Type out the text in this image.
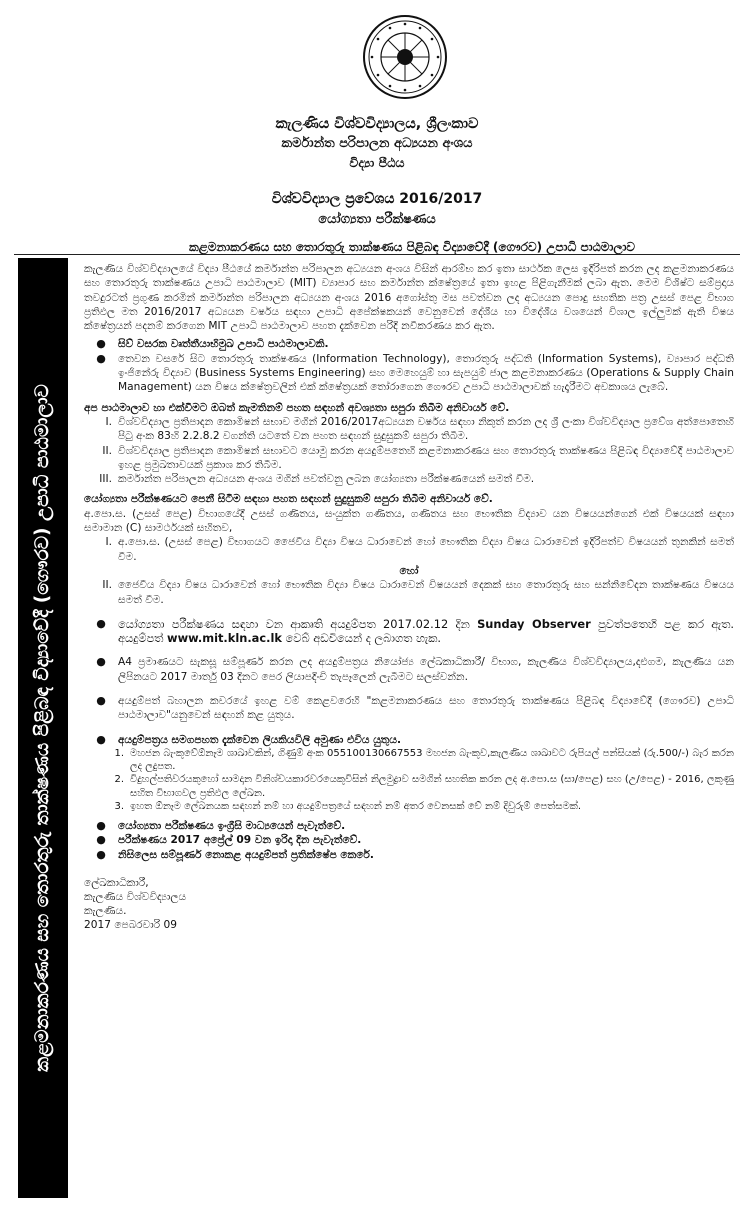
කැලණිය විශ්වවිද්‍යාලය, ශ්‍රීලංකාව
කර්මාන්ත පරිපාලන අධ්‍යයන අංශය
විද්‍යා පීඨය
විශ්වවිද්‍යාල ප්‍රවේශය 2016/2017
යෝග්‍යතා පරීක්ෂණය
කළමනාකරණය සහ තොරතුරු තාක්ෂණය පිළිබඳ විද්‍යාවේදී (ගෞරව) උපාධි පාඨමාලාව
කළමනාකරණය සහ තොරතුරු තාක්ෂණය පිළිබඳ විද්‍යාවේදී (ගෞරව) උපාධි පාඨමාලාව

කැලණිය විශ්වවිද්‍යාලයේ විද්‍යා පීඨයේ කර්මාන්ත පරිපාලන අධ්‍යයන අංශය විසින් ආරම්භ කර ඉතා සාර්ථක ලෙස ඉදිරිපත් කරන ලද කළමනාකරණය සහ තොරතුරු තාක්ෂණය උපාධි පාඨමාලාව (MIT) ව්‍යාපාර සහ කර්මාන්ත ක්ෂේත්‍රයේ ඉතා ඉහළ පිළිගැනීමක් ලබා ඇත. මෙම විශිෂ්ට සම්ප්‍රදාය තවදුරටත් ප්‍රගුණ කරමින් කර්මාන්ත පරිපාලන අධ්‍යයන අංශය 2016 අගෝස්තු මස පවත්වන ලද අධ්‍යයන පොදු සහතික පත්‍ර උසස් පෙළ විභාග ප්‍රතිඵල මත 2016/2017 අධ්‍යයන වර්ෂය සඳහා උපාධි අපේක්ෂකයන් වෙනුවෙන් දේශීය හා විදේශීය වශයෙන් විශාල ඉල්ලුමක් ඇති විෂය ක්ෂේත්‍රයන් පදනම් කරගෙන MIT උපාධි පාඨමාලාව පහත දැක්වෙන පරිදි නවීකරණය කර ඇත.

●	සිව් වසරක වෘත්තීයාභිමුඛ උපාධි පාඨමාලාවකි.
●	තෙවන වසරේ සිට තොරතුරු තාක්ෂණය (Information Technology), තොරතුරු පද්ධති (Information Systems), ව්‍යාපාර පද්ධති ඉංජිනේරු විද්‍යාව (Business Systems Engineering) සහ මෙහෙයුම් හා සැපයුම් ජාල කළමනාකරණය (Operations & Supply Chain Management) යන විෂය ක්ෂේත්‍රවලින් එක් ක්ෂේත්‍රයක් තෝරාගෙන ගෞරව උපාධි පාඨමාලාවක් හැදෑරීමට අවකාශය ලැබේ.

අප පාඨමාලාව හා එක්වීමට ඔබත් කැමතිනම් පහත සඳහන් අවශ්‍යතා සපුරා තිබීම අනිවාර්ය වේ.

I. විශ්වවිද්‍යාල ප්‍රතිපාදන කොමිෂන් සභාව මගින් 2016/2017අධ්‍යයන වර්ෂය සඳහා නිකුත් කරන ලද ශ්‍රී ලංකා විශ්වවිද්‍යාල ප්‍රවේශ අත්පොතෙහි පිටු අංක 83හි 2.2.8.2 වගන්ති යටතේ වන පහත සඳහන් සුදුසුකම් සපුරා තිබීම.
II. විශ්වවිද්‍යාල ප්‍රතිපාදන කොමිෂන් සභාවට යොමු කරන අයදුම්පතෙහි කළමනාකරණය සහ තොරතුරු තාක්ෂණය පිළිබඳ විද්‍යාවේදී පාඨමාලාව ඉහළ ප්‍රමුඛතාවයක් ප්‍රකාශ කර තිබීම.
III. කර්මාන්ත පරිපාලන අධ්‍යයන අංශය මගින් පවත්වනු ලබන යෝග්‍යතා පරීක්ෂණයෙන් සමත් වීම.

යෝග්‍යතා පරීක්ෂණයට පෙනී සිටීම සඳහා පහත සඳහන් සුදුසුකම් සපුරා තිබීම අනිවාර්ය වේ.

අ.පො.ස. (උසස් පෙළ) විභාගයේදී උසස් ගණිතය, සංයුක්ත ගණිතය, ගණිතය සහ භෞතික විද්‍යාව යන විෂයයන්ගෙන් එක් විෂයයක් සඳහා සමාමාන (C) සාමර්ථයක් සහිතව,

I. අ.පො.ස. (උසස් පෙළ) විභාගයට ජෛවීය විද්‍යා විෂය ධාරාවෙන් හෝ භෞතික විද්‍යා විෂය ධාරාවෙන් ඉදිරිපත්ව විෂයයන් තුනකින් සමත් වීම.
හෝ
II. ජෛවීය විද්‍යා විෂය ධාරාවෙන් හෝ භෞතික විද්‍යා විෂය ධාරාවෙන් විෂයයන් දෙකක් සහ තොරතුරු සහ සන්නිවේදන තාක්ෂණය විෂයය සමත් වීම.
●	යෝග්‍යතා පරීක්ෂණය සඳහා වන ආකෘති අයදුම්පත 2017.02.12 දින Sunday Observer පුවත්පතෙහි පළ කර ඇත. අයදුම්පත් www.mit.kln.ac.lk වෙබ් අඩවියෙන් ද ලබාගත හැක.
●	A4 ප්‍රමාණයට සැකසූ සම්පූර්ණ කරන ලද අයදුම්පත්‍රය නියෝජ්‍ය ලේඛකාධිකාරී/ විභාග, කැලණිය විශ්වවිද්‍යාලය,දළුගම, කැලණිය යන ලිපිනයට 2017 මාර්තු 03 දිනට පෙර ලියාපදිංචි තැපෑලෙන් ලැබීමට සලස්වන්න.
●	අයදුම්පත් බහාලන කවරයේ ඉහළ වම් කෙළවරෙහි "කළමනාකරණය සහ තොරතුරු තාක්ෂණය පිළිබඳ විද්‍යාවේදී (ගෞරව) උපාධි පාඨමාලාව"යනුවෙන් සඳහන් කළ යුතුය.
●	අයදුම්පත්‍රය සමගපහත දැක්වෙන ලියකියවිලි අමුණා එවිය යුතුය.
1. මහජන බැංකුවේඕනෑම ශාඛාවකින්, ගිණුම් අංක 055100130667553 මහජන බැංකුව,කැලණිය ශාඛාවට රුපියල් පන්සියක් (රු.500/-) බැර කරන ලද ලදුපත.
2. විදුහල්පතිවරයකුහෝ සාමදාන විනිශ්චයකාරවරයෙකුවිසින් නිලමුද්‍රාව සමගින් සහතික කරන ලද අ.පො.ස (සා/පෙළ) සහ (උ/පෙළ) - 2016, ලකුණු සහිත විභාගවල ප්‍රතිඵල ලේඛන.
3. ඉහත ඕනෑම ලේඛනයක සඳහන් නම් හා අයදුම්පත්‍රයේ සඳහන් නම් අතර වෙනසක් වේ නම් දිවුරුම් පෙත්සමක්.
●	යෝග්‍යතා පරීක්ෂණය ඉංග්‍රීසි මාධ්‍යයෙන් පැවැත්වේ.
●	පරීක්ෂණය 2017 අප්‍රේල් 09 වන ඉරිදා දින පැවැත්වේ.
●	නිසිලෙස සම්පූර්ණ නොකළ අයදුම්පත් ප්‍රතික්ෂේප කෙරේ.
ලේඛකාධිකාරී,
කැලණිය විශ්වවිද්‍යාලය
කැලණිය.
2017 පෙබරවාරි 09
